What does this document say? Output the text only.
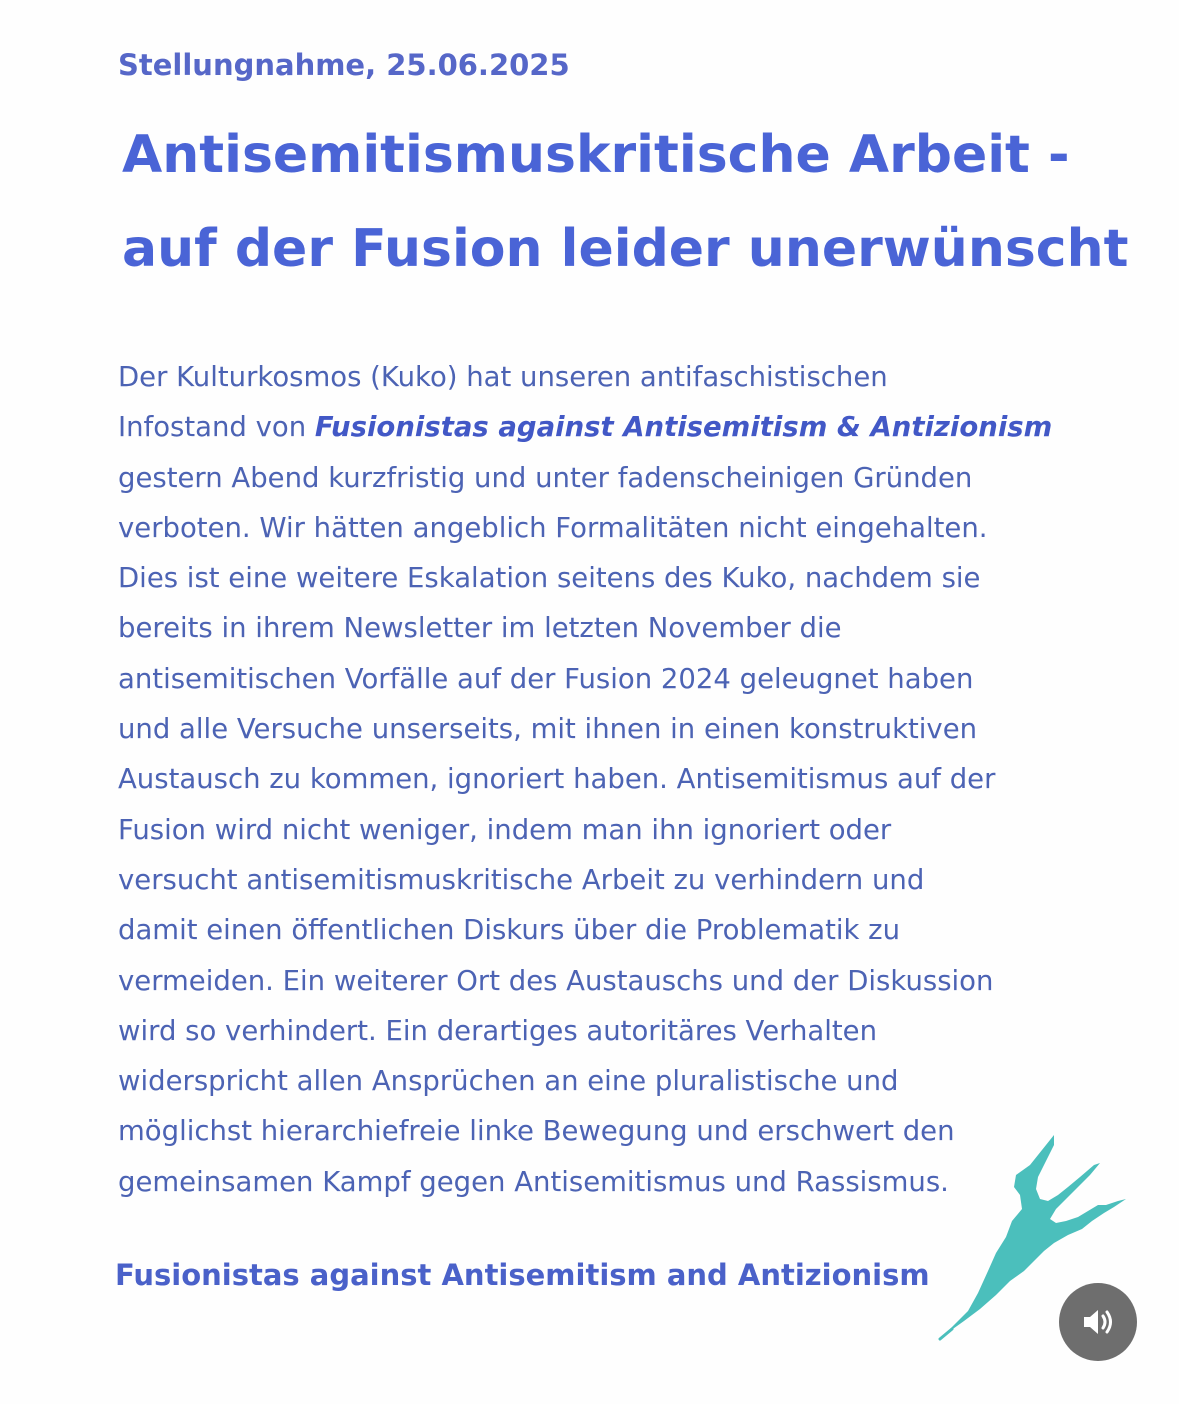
Stellungnahme, 25.06.2025
Antisemitismuskritische Arbeit -
auf der Fusion leider unerwünscht

Der Kulturkosmos (Kuko) hat unseren antifaschistischen
Infostand von Fusionistas against Antisemitism & Antizionism
gestern Abend kurzfristig und unter fadenscheinigen Gründen
verboten. Wir hätten angeblich Formalitäten nicht eingehalten.
Dies ist eine weitere Eskalation seitens des Kuko, nachdem sie
bereits in ihrem Newsletter im letzten November die
antisemitischen Vorfälle auf der Fusion 2024 geleugnet haben
und alle Versuche unserseits, mit ihnen in einen konstruktiven
Austausch zu kommen, ignoriert haben. Antisemitismus auf der
Fusion wird nicht weniger, indem man ihn ignoriert oder
versucht antisemitismuskritische Arbeit zu verhindern und
damit einen öffentlichen Diskurs über die Problematik zu
vermeiden. Ein weiterer Ort des Austauschs und der Diskussion
wird so verhindert. Ein derartiges autoritäres Verhalten
widerspricht allen Ansprüchen an eine pluralistische und
möglichst hierarchiefreie linke Bewegung und erschwert den
gemeinsamen Kampf gegen Antisemitismus und Rassismus.

Fusionistas against Antisemitism and Antizionism
